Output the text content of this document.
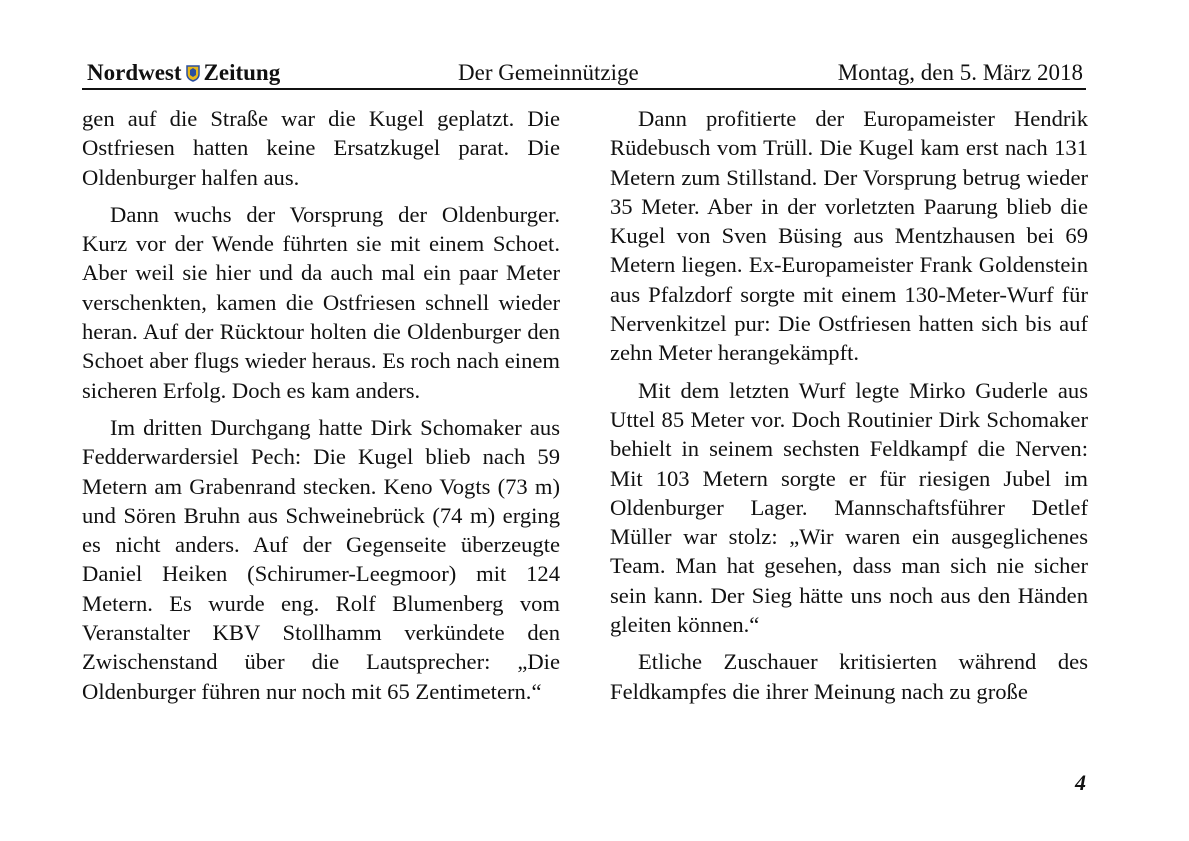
Nordwest Zeitung	Der Gemeinnützige	Montag, den 5. März 2018

gen auf die Straße war die Kugel geplatzt. Die Ostfriesen hatten keine Ersatzkugel parat. Die Oldenburger halfen aus.

Dann wuchs der Vorsprung der Oldenburger. Kurz vor der Wende führten sie mit einem Schoet. Aber weil sie hier und da auch mal ein paar Meter verschenkten, kamen die Ostfriesen schnell wieder heran. Auf der Rücktour holten die Oldenburger den Schoet aber flugs wieder heraus. Es roch nach einem sicheren Erfolg. Doch es kam anders.

Im dritten Durchgang hatte Dirk Schomaker aus Fedderwardersiel Pech: Die Kugel blieb nach 59 Metern am Grabenrand stecken. Keno Vogts (73 m) und Sören Bruhn aus Schweinebrück (74 m) erging es nicht anders. Auf der Gegenseite überzeugte Daniel Heiken (Schirumer-Leegmoor) mit 124 Metern. Es wurde eng. Rolf Blumenberg vom Veranstalter KBV Stollhamm verkündete den Zwischenstand über die Lautsprecher: „Die Oldenburger führen nur noch mit 65 Zentimetern.“

Dann profitierte der Europameister Hendrik Rüdebusch vom Trüll. Die Kugel kam erst nach 131 Metern zum Stillstand. Der Vorsprung betrug wieder 35 Meter. Aber in der vorletzten Paarung blieb die Kugel von Sven Büsing aus Mentzhausen bei 69 Metern liegen. Ex-Europameister Frank Goldenstein aus Pfalzdorf sorgte mit einem 130-Meter-Wurf für Nervenkitzel pur: Die Ostfriesen hatten sich bis auf zehn Meter herangekämpft.

Mit dem letzten Wurf legte Mirko Guderle aus Uttel 85 Meter vor. Doch Routinier Dirk Schomaker behielt in seinem sechsten Feldkampf die Nerven: Mit 103 Metern sorgte er für riesigen Jubel im Oldenburger Lager. Mannschaftsführer Detlef Müller war stolz: „Wir waren ein ausgeglichenes Team. Man hat gesehen, dass man sich nie sicher sein kann. Der Sieg hätte uns noch aus den Händen gleiten können.“

Etliche Zuschauer kritisierten während des Feldkampfes die ihrer Meinung nach zu große

4
